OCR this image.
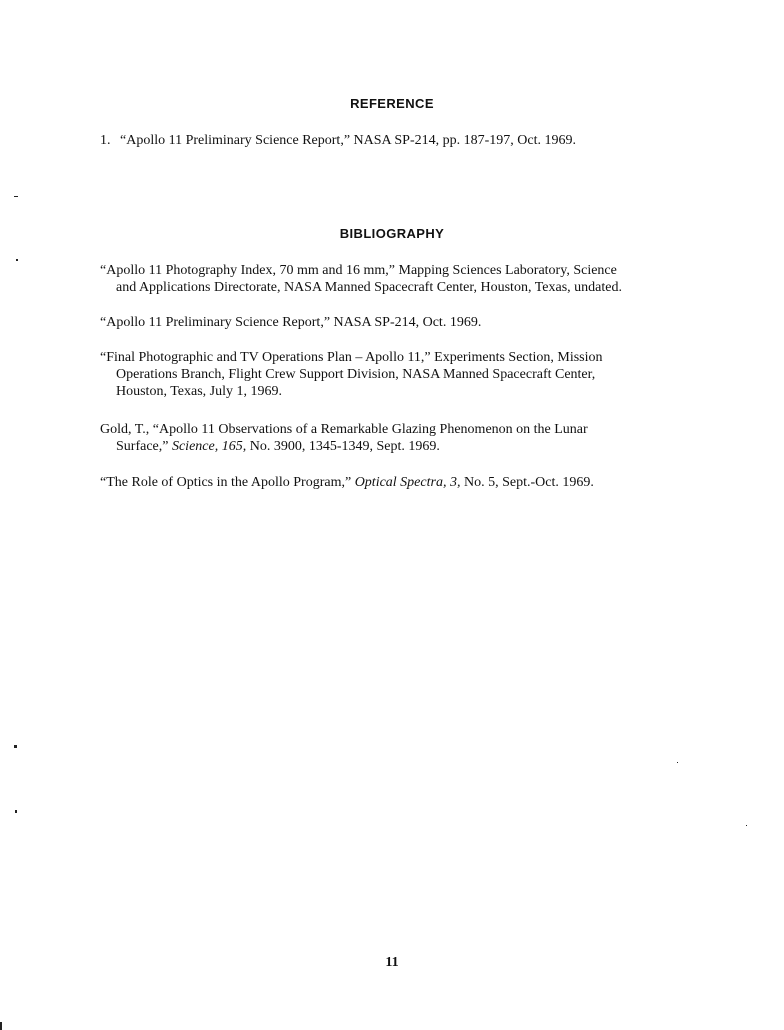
REFERENCE
1. “Apollo 11 Preliminary Science Report,” NASA SP-214, pp. 187-197, Oct. 1969.
BIBLIOGRAPHY
“Apollo 11 Photography Index, 70 mm and 16 mm,” Mapping Sciences Laboratory, Science
and Applications Directorate, NASA Manned Spacecraft Center, Houston, Texas, undated.
“Apollo 11 Preliminary Science Report,” NASA SP-214, Oct. 1969.
“Final Photographic and TV Operations Plan – Apollo 11,” Experiments Section, Mission
Operations Branch, Flight Crew Support Division, NASA Manned Spacecraft Center,
Houston, Texas, July 1, 1969.
Gold, T., “Apollo 11 Observations of a Remarkable Glazing Phenomenon on the Lunar
Surface,” Science, 165, No. 3900, 1345-1349, Sept. 1969.
“The Role of Optics in the Apollo Program,” Optical Spectra, 3, No. 5, Sept.-Oct. 1969.
11
